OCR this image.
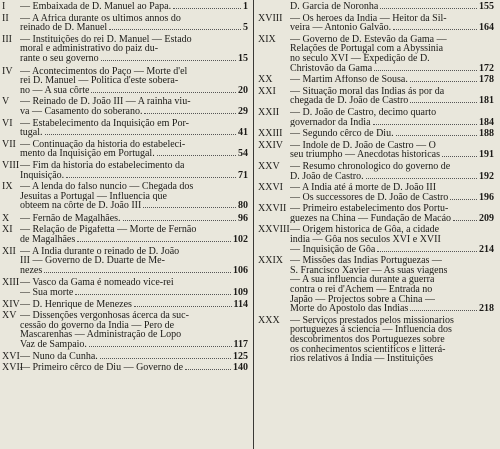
I	— Embaixada de D. Manuel ao Papa.	1
II	— A Africa durante os ultimos annos do
reinado de D. Manuel	5
III — Instituições do rei D. Manuel — Estado
moral e administrativo do paiz du-
rante o seu governo	15
IV — Acontecimentos do Paço — Morte d'el
rei D. Manuel — Politica d'este sobera-
no — A sua côrte	20
V	— Reinado de D. João III — A rainha viu-
va — Casamento do soberano.	29
VI — Estabelecimento da Inquisição em Por-
tugal.	41
VII — Continuação da historia do estabeleci-
mento da Inquisição em Portugal.	54
VIII — Fim da historia do estabelecimento da
Inquisição.	71
IX — A lenda do falso nuncio — Chegada dos
Jesuitas a Portugal — Influencia que
obteem na côrte de D. João III	80
X	— Fernão de Magalhães.	96
XI — Relação de Pigafetta — Morte de Fernão
de Magalhães	102
XII — A India durante o reinado de D. João
III — Governo de D. Duarte de Me-
nezes	106
XIII — Vasco da Gama é nomeado vice-rei
— Sua morte	109
XIV — D. Henrique de Menezes	114
XV — Dissenções vergonhosas ácerca da suc-
cessão do governo da India — Pero de
Mascarenhas — Administração de Lopo
Vaz de Sampaio.	117
XVI — Nuno da Cunha.	125
XVII
— Primeiro cêrco de Diu — Governo de	140
D. Garcia de Noronha	155
XVIII — Os heroes da India — Heitor da Sil-
veira — Antonio Galvão.	164
XIX	— Governo de D. Estevão da Gama —
Relações de Portugal com a Abyssinia
no seculo XVI — Expedição de D.
Christovão da Gama	172
XX	— Martim Affonso de Sousa.	178
XXI	— Situação moral das Indias ás por da
chegada de D. João de Castro	181
XXII	— D. João de Castro, decimo quarto
governador da India	184
XXIII — Segundo cêrco de Diu.	188
XXIV — Indole de D. João de Castro — O
seu triumpho — Anecdotas historicas	191
XXV	— Resumo chronologico do governo de
D. João de Castro.	192
XXVI — A India até á morte de D. João III
— Os successores de D. João de Castro	196
XXVII — Primeiro estabelecimento dos Portu-
guezes na China — Fundação de Macáo	209
XXVIII — Origem historica de Gôa, a cidade
india — Gôa nos seculos XVI e XVII
— Inquisição de Gôa	214
XXIX — Missões das Indias Portuguezas —
S. Francisco Xavier — As suas viagens
— A sua influencia durante a guerra
contra o rei d'Achem — Entrada no
Japão — Projectos sobre a China —
Morte do Apostolo das Indias	218
XXX	— Serviços prestados pelos missionarios
portuguezes á sciencia — Influencia dos
descobrimentos dos Portuguezes sobre
os conhecimentos scientificos e litterá-
rios relativos á India — Instituições
